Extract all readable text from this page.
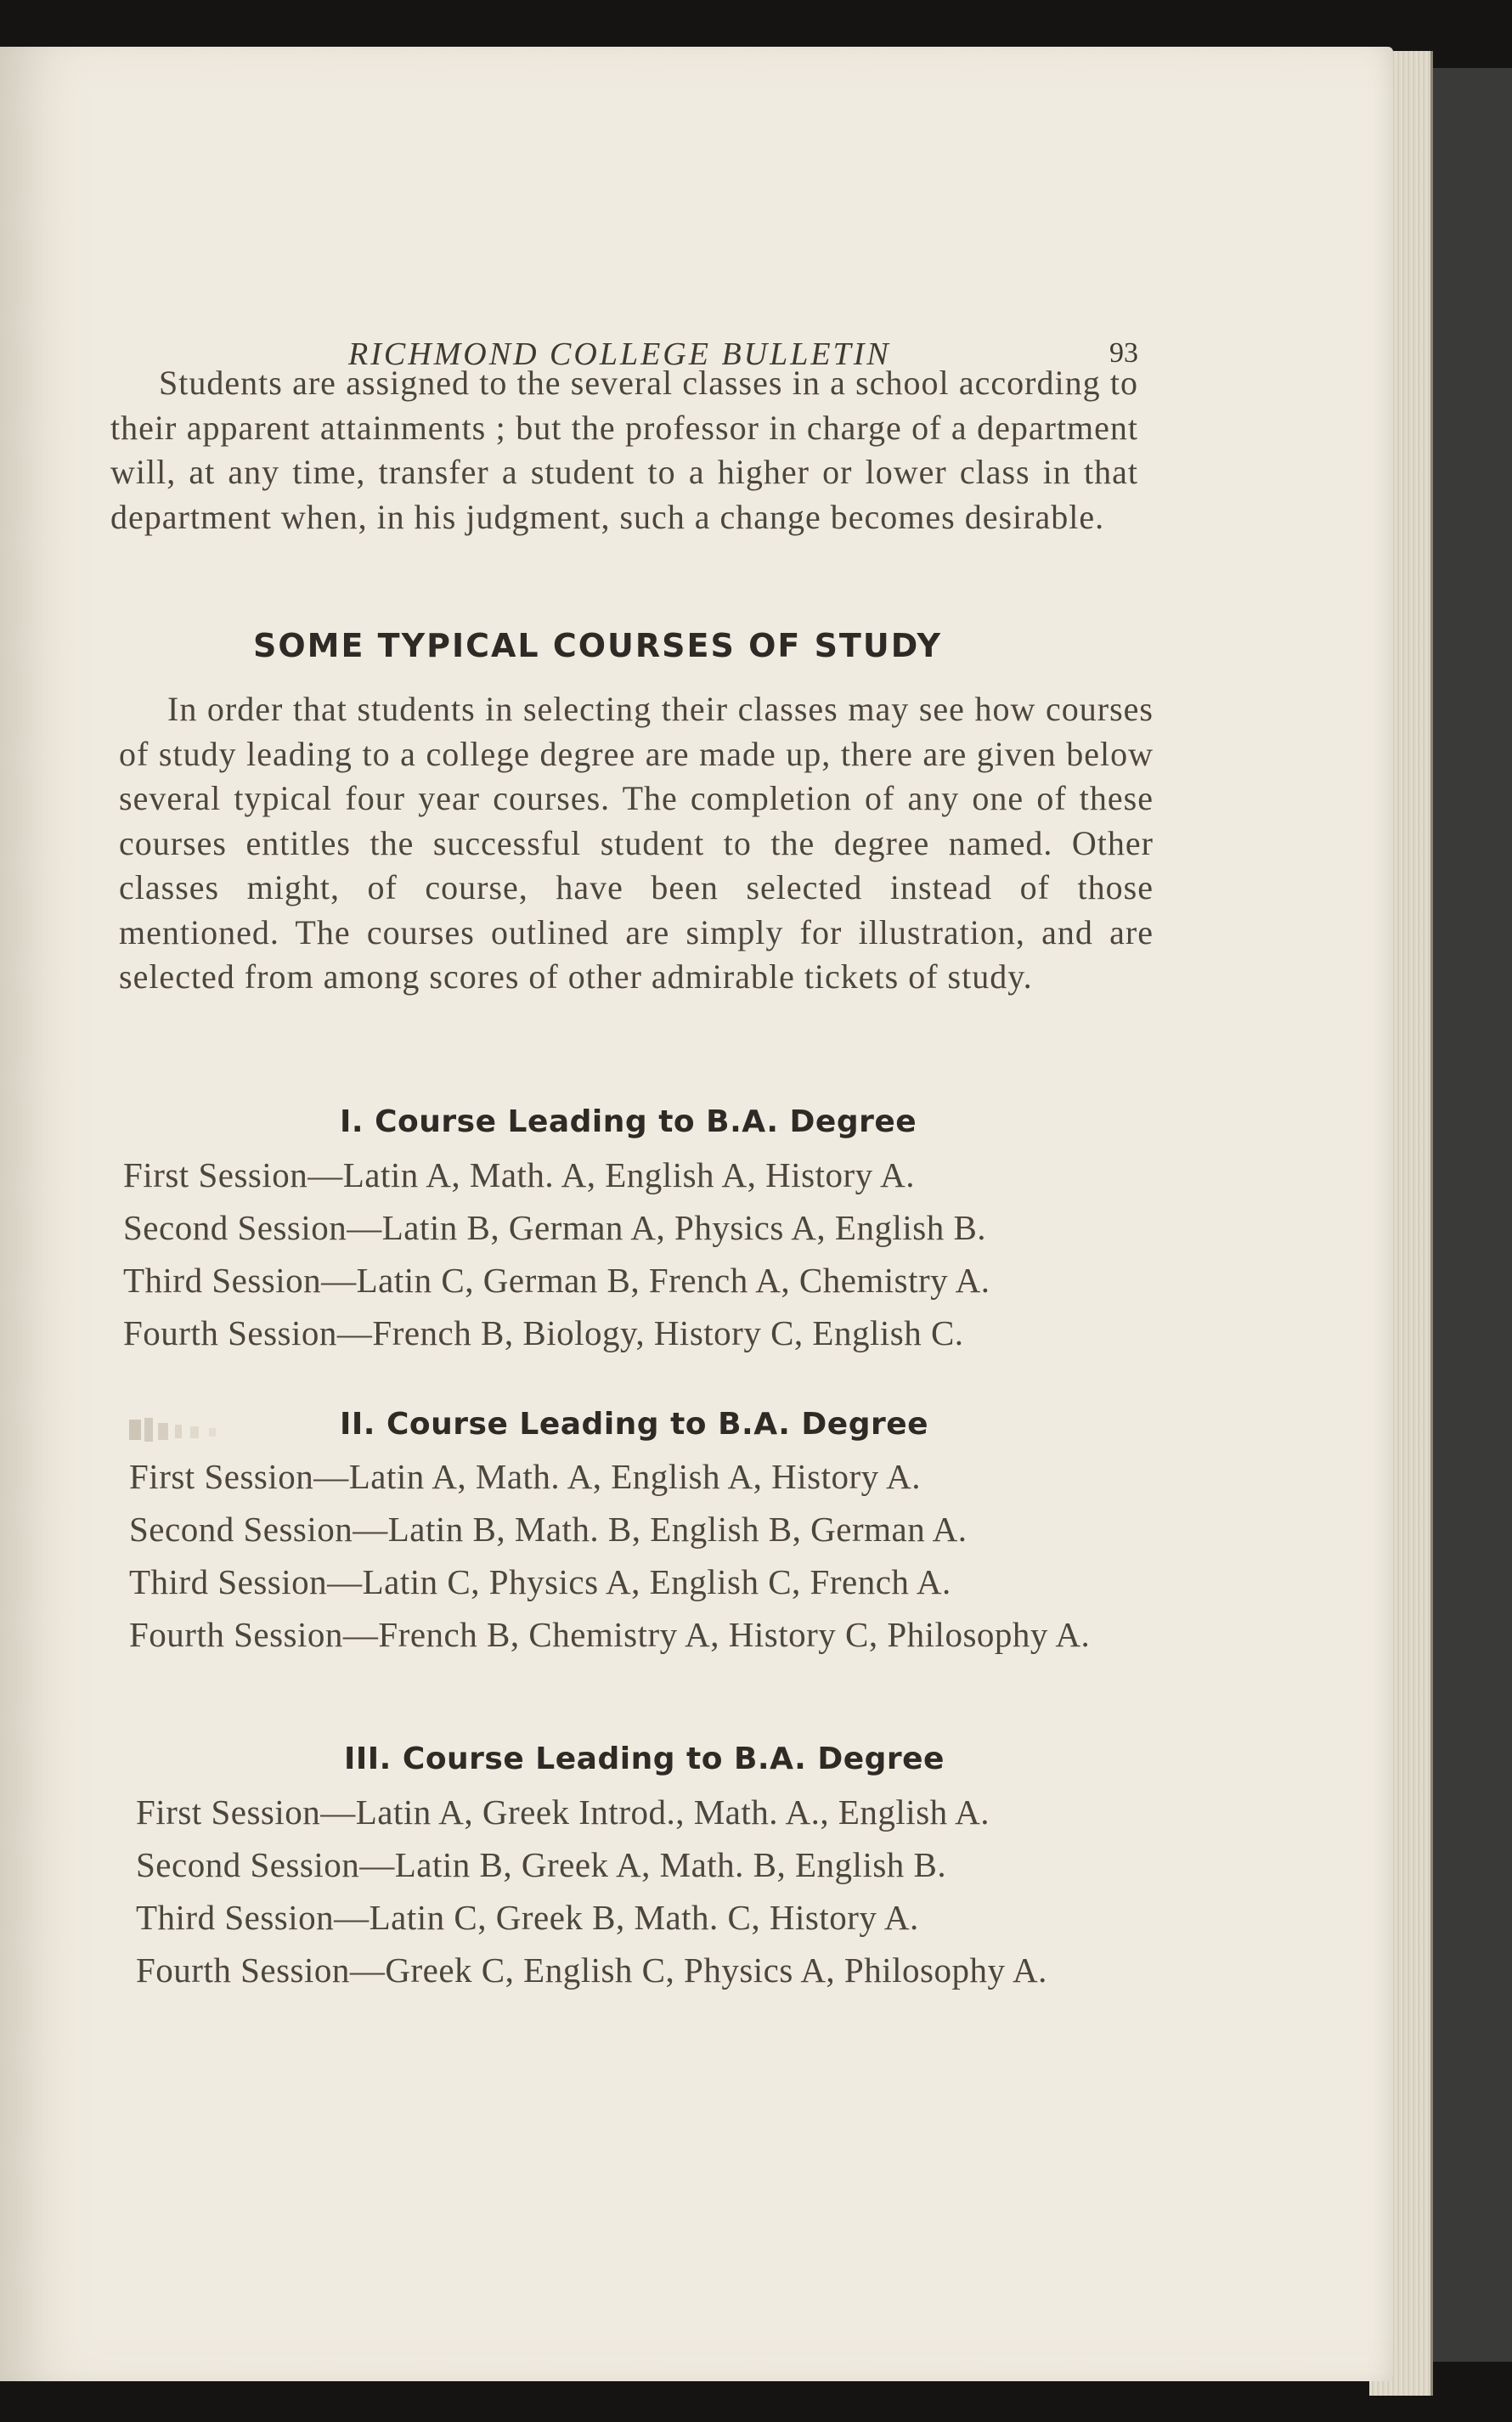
RICHMOND COLLEGE BULLETIN	93

Students are assigned to the several classes in a school according to their apparent attainments ; but the professor in charge of a department will, at any time, transfer a student to a higher or lower class in that department when, in his judgment, such a change becomes desirable.

SOME TYPICAL COURSES OF STUDY

In order that students in selecting their classes may see how courses of study leading to a college degree are made up, there are given below several typical four year courses. The completion of any one of these courses entitles the successful student to the degree named. Other classes might, of course, have been selected instead of those mentioned. The courses outlined are simply for illustration, and are selected from among scores of other admirable tickets of study.

I. Course Leading to B.A. Degree
First Session—Latin A, Math. A, English A, History A.
Second Session—Latin B, German A, Physics A, English B.
Third Session—Latin C, German B, French A, Chemistry A.
Fourth Session—French B, Biology, History C, English C.
II. Course Leading to B.A. Degree
First Session—Latin A, Math. A, English A, History A.
Second Session—Latin B, Math. B, English B, German A.
Third Session—Latin C, Physics A, English C, French A.
Fourth Session—French B, Chemistry A, History C, Philosophy A.
III. Course Leading to B.A. Degree
First Session—Latin A, Greek Introd., Math. A., English A.
Second Session—Latin B, Greek A, Math. B, English B.
Third Session—Latin C, Greek B, Math. C, History A.
Fourth Session—Greek C, English C, Physics A, Philosophy A.
